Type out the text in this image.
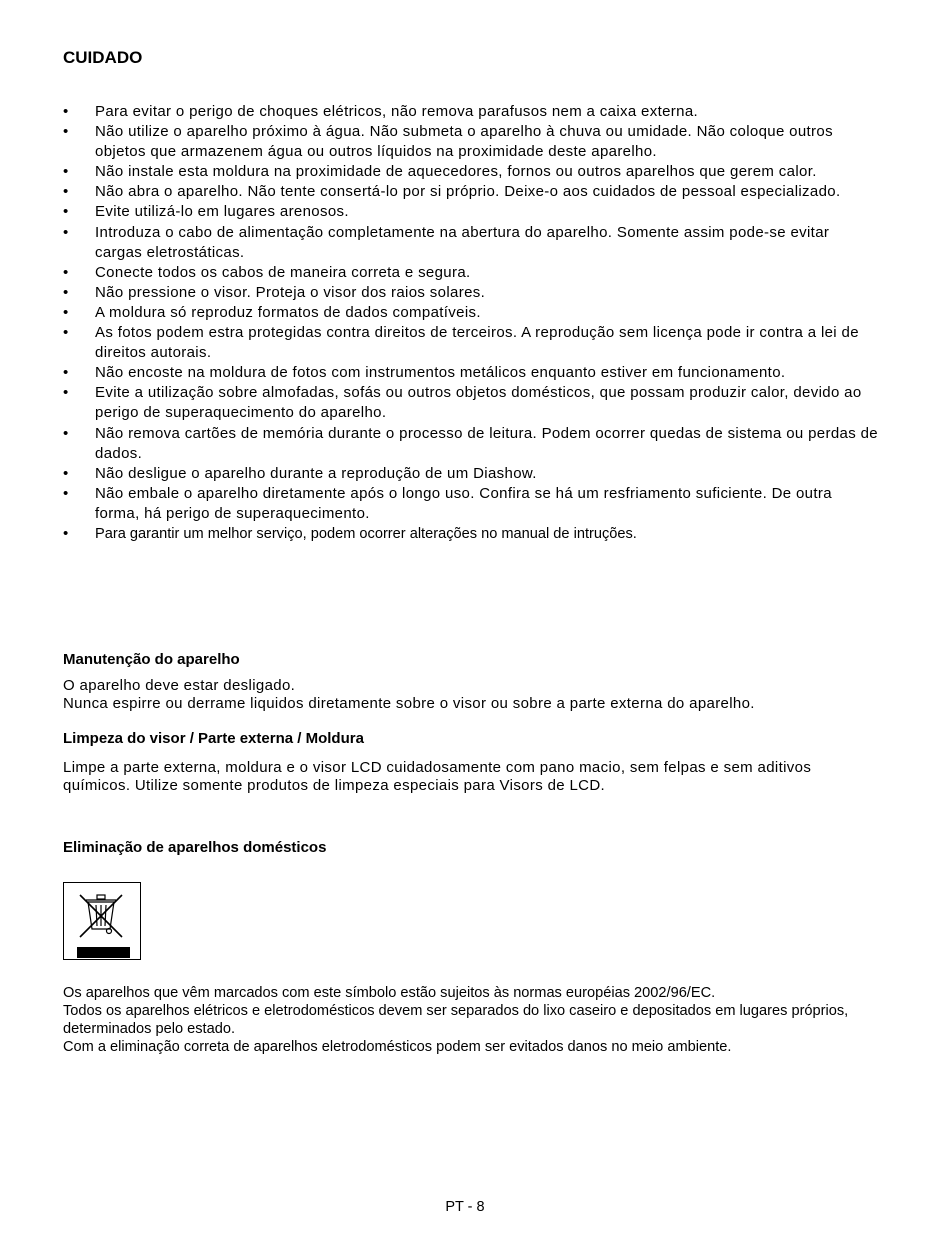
CUIDADO
• Para evitar o perigo de choques elétricos, não remova parafusos nem a caixa externa.
• Não utilize o aparelho próximo à água. Não submeta o aparelho à chuva ou umidade. Não coloque outros objetos que armazenem água ou outros líquidos na proximidade deste aparelho.
• Não instale esta moldura na proximidade de aquecedores, fornos ou outros aparelhos que gerem calor.
• Não abra o aparelho. Não tente consertá-lo por si próprio. Deixe-o aos cuidados de pessoal especializado.
• Evite utilizá-lo em lugares arenosos.
• Introduza o cabo de alimentação completamente na abertura do aparelho. Somente assim pode-se evitar cargas eletrostáticas.
• Conecte todos os cabos de maneira correta e segura.
• Não pressione o visor. Proteja o visor dos raios solares.
• A moldura só reproduz formatos de dados compatíveis.
• As fotos podem estra protegidas contra direitos de terceiros. A reprodução sem licença pode ir contra a lei de direitos autorais.
• Não encoste na moldura de fotos com instrumentos metálicos enquanto estiver em funcionamento.
• Evite a utilização sobre almofadas, sofás ou outros objetos domésticos, que possam produzir calor, devido ao perigo de superaquecimento do aparelho.
• Não remova cartões de memória durante o processo de leitura. Podem ocorrer quedas de sistema ou perdas de dados.
• Não desligue o aparelho durante a reprodução de um Diashow.
• Não embale o aparelho diretamente após o longo uso. Confira se há um resfriamento suficiente. De outra forma, há perigo de superaquecimento.
• Para garantir um melhor serviço, podem ocorrer alterações no manual de intruções.
Manutenção do aparelho
O aparelho deve estar desligado.
Nunca espirre ou derrame liquidos diretamente sobre o visor ou sobre a parte externa do aparelho.
Limpeza do visor / Parte externa / Moldura
Limpe a parte externa, moldura e o visor LCD cuidadosamente com pano macio, sem felpas e sem aditivos químicos. Utilize somente produtos de limpeza especiais para Visors de LCD.
Eliminação de aparelhos domésticos
Os aparelhos que vêm marcados com este símbolo estão sujeitos às normas européias 2002/96/EC.
Todos os aparelhos elétricos e eletrodomésticos devem ser separados do lixo caseiro e depositados em lugares próprios, determinados pelo estado.
Com a eliminação correta de aparelhos eletrodomésticos podem ser evitados danos no meio ambiente.
PT - 8
